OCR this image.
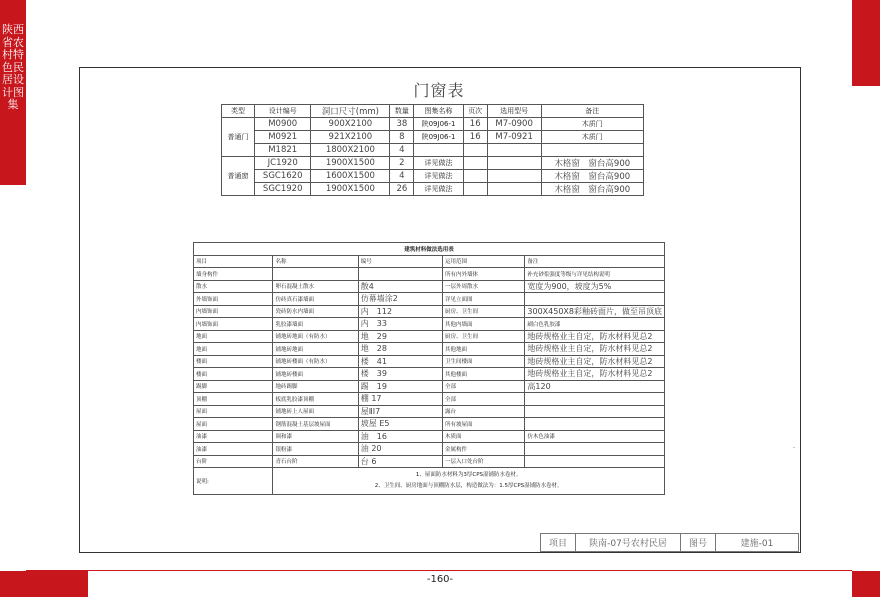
陕西省农村特色民居设计图集
-160-
门窗表
-
类型	设计编号	洞口尺寸(mm)	数量	图集名称	页次	选用型号	备注
普通门	M0900	900X2100	38	陕09J06-1	16	M7-0900	木质门
	M0921	921X2100	8	陕09J06-1	16	M7-0921	木质门
	M1821	1800X2100	4				
普通窗	JC1920	1900X1500	2	详见做法			木格窗　窗台高900
	SGC1620	1600X1500	4	详见做法			木格窗　窗台高900
	SGC1920	1900X1500	26	详见做法			木格窗　窗台高900
建筑材料做法选用表				
项目	名称	编号	运用范围	备注
墙身构件			所有内外墙体	补充砂浆强度等级与详见结构说明
散水	卵石混凝土散水	散4	一层外周散水	宽度为900，坡度为5%
外墙饰面	仿砖真石漆墙面	仿幕墙涂2	详见立面图	
内墙饰面	瓷砖防水内墙面	内　112	厨房、卫生间	300X450X8彩釉砖面片，做至吊顶底
内墙饰面	乳胶漆墙面	内　33	其他内墙面	刷白色乳胶漆
地面	铺地砖地面（有防水）	地　29	厨房、卫生间	地砖规格业主自定，防水材料见总2
地面	铺地砖地面	地　28	其他地面	地砖规格业主自定，防水材料见总2
楼面	铺地砖楼面（有防水）	楼　41	卫生间楼面	地砖规格业主自定，防水材料见总2
楼面	铺地砖楼面	楼　39	其他楼面	地砖规格业主自定，防水材料见总2
踢脚	地砖踢脚	踢　19	全部	高120
顶棚	板底乳胶漆顶棚	棚 17	全部	
屋面	铺地砖上人屋面	屋ⅡI7	露台	
屋面	钢筋混凝土基层坡屋面	坡屋 E5	所有坡屋面	
油漆	调和漆	油　16	木质面	仿木色油漆
油漆	银粉漆	油 20	金属构件	
台阶	青石台阶	台 6	一层入口处台阶	
说明:	1、屋面防水材料为3厚CPS湿铺防水卷材。
2、卫生间、厨房地面与顶棚防水层，构造做法为：1.5厚CPS湿铺防水卷材。			
项目	陕南-07号农村民居	图号	建施-01
